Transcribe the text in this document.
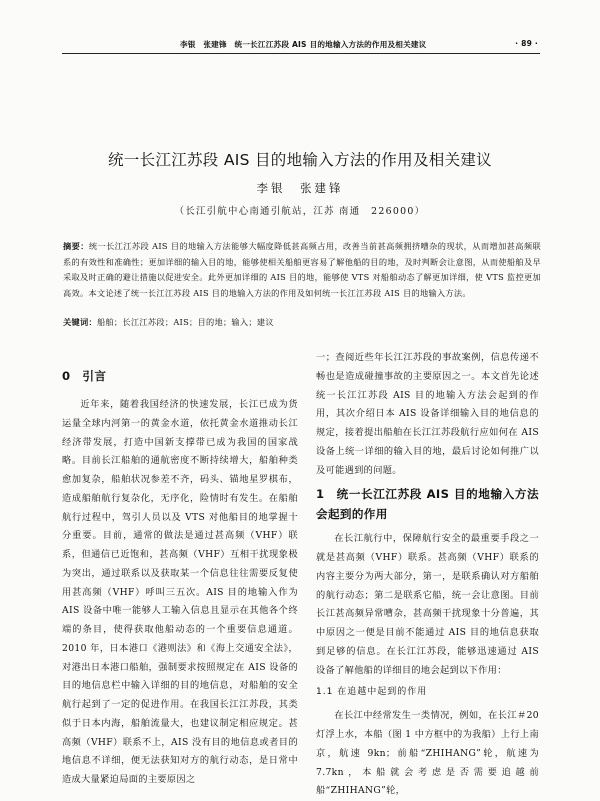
李银　张建锋　统一长江江苏段 AIS 目的地输入方法的作用及相关建议	· 89 ·
统一长江江苏段 AIS 目的地输入方法的作用及相关建议
李银　张建锋
（长江引航中心南通引航站，江苏 南通　226000）
摘要：统一长江江苏段 AIS 目的地输入方法能够大幅度降低甚高频占用，改善当前甚高频拥挤嘈杂的现状，从而增加甚高频联系的有效性和准确性；更加详细的输入目的地，能够使相关船舶更容易了解他船的目的地，及时判断会让意图，从而使船舶及早采取及时正确的避让措施以促进安全。此外更加详细的 AIS 目的地，能够使 VTS 对船舶动态了解更加详细，使 VTS 监控更加高效。本文论述了统一长江江苏段 AIS 目的地输入方法的作用及如何统一长江江苏段 AIS 目的地输入方法。
关键词：船舶；长江江苏段；AIS；目的地；输入；建议
0 引言

近年来，随着我国经济的快速发展，长江已成为货运量全球内河第一的黄金水道，依托黄金水道推动长江经济带发展，打造中国新支撑带已成为我国的国家战略。目前长江船舶的通航密度不断持续增大，船舶种类愈加复杂，船舶状况参差不齐，码头、锚地星罗棋布，造成船舶航行复杂化，无序化，险情时有发生。在船舶航行过程中，驾引人员以及 VTS 对他船目的地掌握十分重要。目前，通常的做法是通过甚高频（VHF）联系，但通信已近饱和，甚高频（VHF）互相干扰现象极为突出，通过联系以及获取某一个信息往往需要反复使用甚高频（VHF）呼叫三五次。AIS 目的地输入作为 AIS 设备中唯一能够人工输入信息且显示在其他各个终端的条目，使得获取他船动态的一个重要信息通道。2010 年，日本港口《港则法》和《海上交通安全法》，对港出日本港口船舶，强制要求按照规定在 AIS 设备的目的地信息栏中输入详细的目的地信息，对船舶的安全航行起到了一定的促进作用。在我国长江江苏段，其类似于日本内海，船舶流量大，也建议制定相应规定。甚高频（VHF）联系不上，AIS 没有目的地信息或者目的地信息不详细，便无法获知对方的航行动态，是日常中造成大量紧迫局面的主要原因之

一；查阅近些年长江江苏段的事故案例，信息传递不畅也是造成碰撞事故的主要原因之一。本文首先论述统一长江江苏段 AIS 目的地输入方法会起到的作用，其次介绍日本 AIS 设备详细输入目的地信息的规定，接着提出船舶在长江江苏段航行应如何在 AIS 设备上统一详细的输入目的地，最后讨论如何推广以及可能遇到的问题。

1 统一长江江苏段 AIS 目的地输入方法会起到的作用

在长江航行中，保障航行安全的最重要手段之一就是甚高频（VHF）联系。甚高频（VHF）联系的内容主要分为两大部分，第一，是联系确认对方船舶的航行动态；第二是联系它船，统一会让意图。目前长江甚高频异常嘈杂，甚高频干扰现象十分普遍，其中原因之一便是目前不能通过 AIS 目的地信息获取到足够的信息。在长江江苏段，能够迅速通过 AIS 设备了解他船的详细目的地会起到以下作用：

1.1 在追越中起到的作用

在长江中经常发生一类情况，例如，在长江＃20 灯浮上水，本船（图 1 中方框中的为我船）上行上南京，航速 9kn；前船“ZHIHANG”轮，航速为 7.7kn，本船就会考虑是否需要追越前船“ZHIHANG”轮，
